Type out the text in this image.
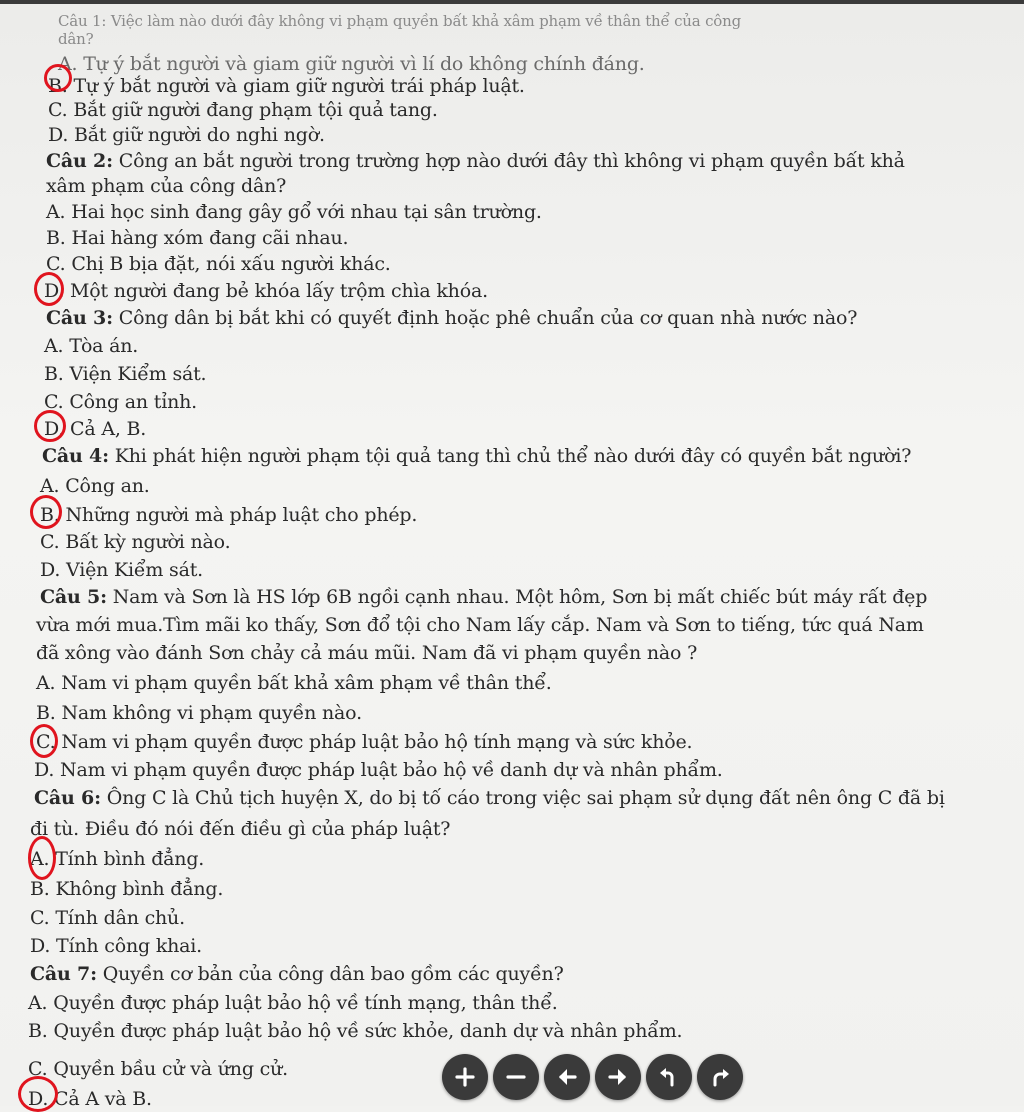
Câu 1: Việc làm nào dưới đây không vi phạm quyền bất khả xâm phạm về thân thể của công
dân?
A. Tự ý bắt người và giam giữ người vì lí do không chính đáng.
B. Tự ý bắt người và giam giữ người trái pháp luật.
C. Bắt giữ người đang phạm tội quả tang.
D. Bắt giữ người do nghi ngờ.
Câu 2: Công an bắt người trong trường hợp nào dưới đây thì không vi phạm quyền bất khả
xâm phạm của công dân?
A. Hai học sinh đang gây gổ với nhau tại sân trường.
B. Hai hàng xóm đang cãi nhau.
C. Chị B bịa đặt, nói xấu người khác.
D. Một người đang bẻ khóa lấy trộm chìa khóa.
Câu 3: Công dân bị bắt khi có quyết định hoặc phê chuẩn của cơ quan nhà nước nào?
A. Tòa án.
B. Viện Kiểm sát.
C. Công an tỉnh.
D. Cả A, B.
Câu 4: Khi phát hiện người phạm tội quả tang thì chủ thể nào dưới đây có quyền bắt người?
A. Công an.
B. Những người mà pháp luật cho phép.
C. Bất kỳ người nào.
D. Viện Kiểm sát.
Câu 5: Nam và Sơn là HS lớp 6B ngồi cạnh nhau. Một hôm, Sơn bị mất chiếc bút máy rất đẹp
vừa mới mua.Tìm mãi ko thấy, Sơn đổ tội cho Nam lấy cắp. Nam và Sơn to tiếng, tức quá Nam
đã xông vào đánh Sơn chảy cả máu mũi. Nam đã vi phạm quyền nào ?
A. Nam vi phạm quyền bất khả xâm phạm về thân thể.
B. Nam không vi phạm quyền nào.
C. Nam vi phạm quyền được pháp luật bảo hộ tính mạng và sức khỏe.
D. Nam vi phạm quyền được pháp luật bảo hộ về danh dự và nhân phẩm.
Câu 6: Ông C là Chủ tịch huyện X, do bị tố cáo trong việc sai phạm sử dụng đất nên ông C đã bị
đi tù. Điều đó nói đến điều gì của pháp luật?
A. Tính bình đẳng.
B. Không bình đẳng.
C. Tính dân chủ.
D. Tính công khai.
Câu 7: Quyền cơ bản của công dân bao gồm các quyền?
A. Quyền được pháp luật bảo hộ về tính mạng, thân thể.
B. Quyền được pháp luật bảo hộ về sức khỏe, danh dự và nhân phẩm.
C. Quyền bầu cử và ứng cử.
D. Cả A và B.
